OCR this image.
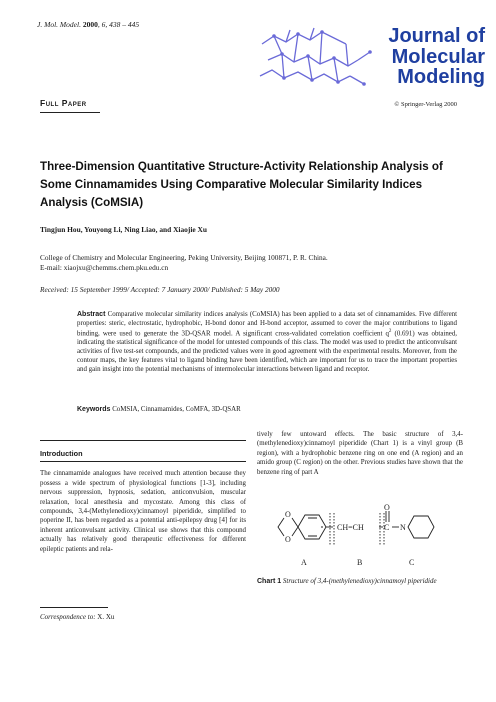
J. Mol. Model. 2000, 6, 438 – 445
Journal of
Molecular
Modeling
Full Paper	© Springer-Verlag 2000
Three-Dimension Quantitative Structure-Activity Relationship Analysis of Some Cinnamamides Using Comparative Molecular Similarity Indices Analysis (CoMSIA)
Tingjun Hou, Youyong Li, Ning Liao, and Xiaojie Xu
College of Chemistry and Molecular Engineering, Peking University, Beijing 100871, P. R. China.
E-mail: xiaojxu@chemms.chem.pku.edu.cn
Received: 15 September 1999/ Accepted: 7 January 2000/ Published: 5 May 2000
Abstract Comparative molecular similarity indices analysis (CoMSIA) has been applied to a data set of cinnamamides. Five different properties: steric, electrostatic, hydrophobic, H-bond donor and H-bond acceptor, assumed to cover the major contributions to ligand binding, were used to generate the 3D-QSAR model. A significant cross-validated correlation coefficient $q^2$ (0.691) was obtained, indicating the statistical significance of the model for untested compounds of this class. The model was used to predict the anticonvulsant activities of five test-set compounds, and the predicted values were in good agreement with the experimental results. Moreover, from the contour maps, the key features vital to ligand binding have been identified, which are important for us to trace the important properties and gain insight into the potential mechanisms of intermolecular interactions between ligand and receptor.
Keywords CoMSIA, Cinnamamides, CoMFA, 3D-QSAR
Introduction
The cinnamamide analogues have received much attention because they possess a wide spectrum of physiological functions [1-3], including nervous suppression, hypnosis, sedation, anticonvulsion, muscular relaxation, local anesthesia and mycostate. Among this class of compounds, 3,4-(Methylenedioxy)cinnamoyl piperidide, simplified to poperine II, has been regarded as a potential anti-epilepsy drug [4] for its inherent anticonvulsant activity. Clinical use shows that this compound actually has relatively good therapeutic effectiveness for different epileptic patients and rela-
Correspondence to: X. Xu
tively few untoward effects. The basic structure of 3,4-(methylenedioxy)cinnamoyl piperidide (Chart 1) is a vinyl group (B region), with a hydrophobic benzene ring on one end (A region) and an amido group (C region) on the other. Previous studies have shown that the benzene ring of part A
O
O
CH=CH	C
O
N
A	B	C
Chart 1 Structure of 3,4-(methylenedioxy)cinnamoyl piperidide
